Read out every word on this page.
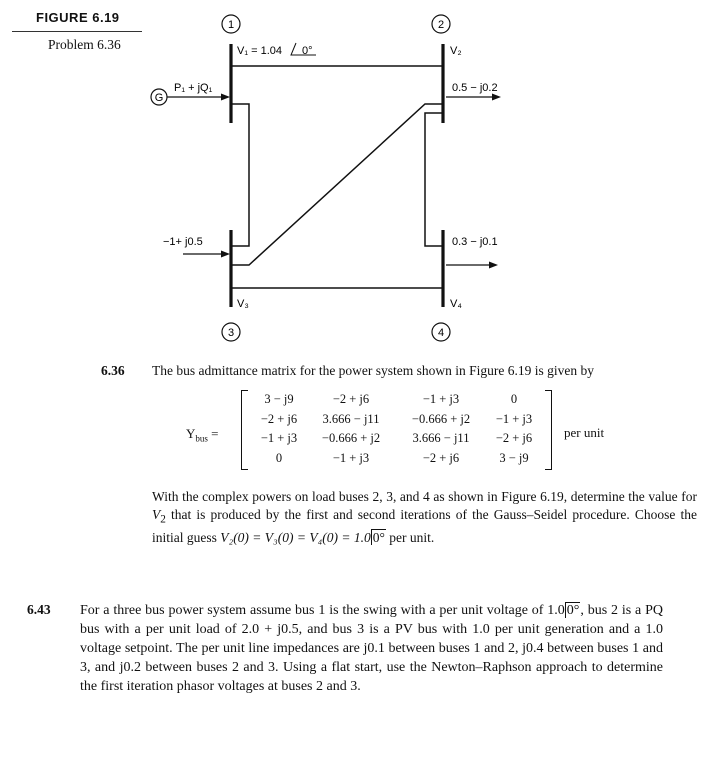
FIGURE 6.19
Problem 6.36
1	2
3	4
G
V₁ = 1.04 0°	V₂
V₃	V₄
P₁ + jQ₁	0.5 − j0.2
−1+ j0.5	0.3 − j0.1
6.36 The bus admittance matrix for the power system shown in Figure 6.19 is given by
$Y_{bus}$ =
3 − j9	−2 + j6	−1 + j3	0
−2 + j6	3.666 − j11	−0.666 + j2	−1 + j3
−1 + j3	−0.666 + j2	3.666 − j11	−2 + j6
0	−1 + j3	−2 + j6	3 − j9
per unit
With the complex powers on load buses 2, 3, and 4 as shown in Figure 6.19, determine the value for $V_2$ that is produced by the first and second iterations of the Gauss–Seidel procedure. Choose the initial guess V₂(0) = V₃(0) = V₄(0) = 1.0 0° per unit.
6.43 For a three bus power system assume bus 1 is the swing with a per unit voltage of 1.0 0°, bus 2 is a PQ bus with a per unit load of 2.0 + j0.5, and bus 3 is a PV bus with 1.0 per unit generation and a 1.0 voltage setpoint. The per unit line impedances are j0.1 between buses 1 and 2, j0.4 between buses 1 and 3, and j0.2 between buses 2 and 3. Using a flat start, use the Newton–Raphson approach to determine the first iteration phasor voltages at buses 2 and 3.
